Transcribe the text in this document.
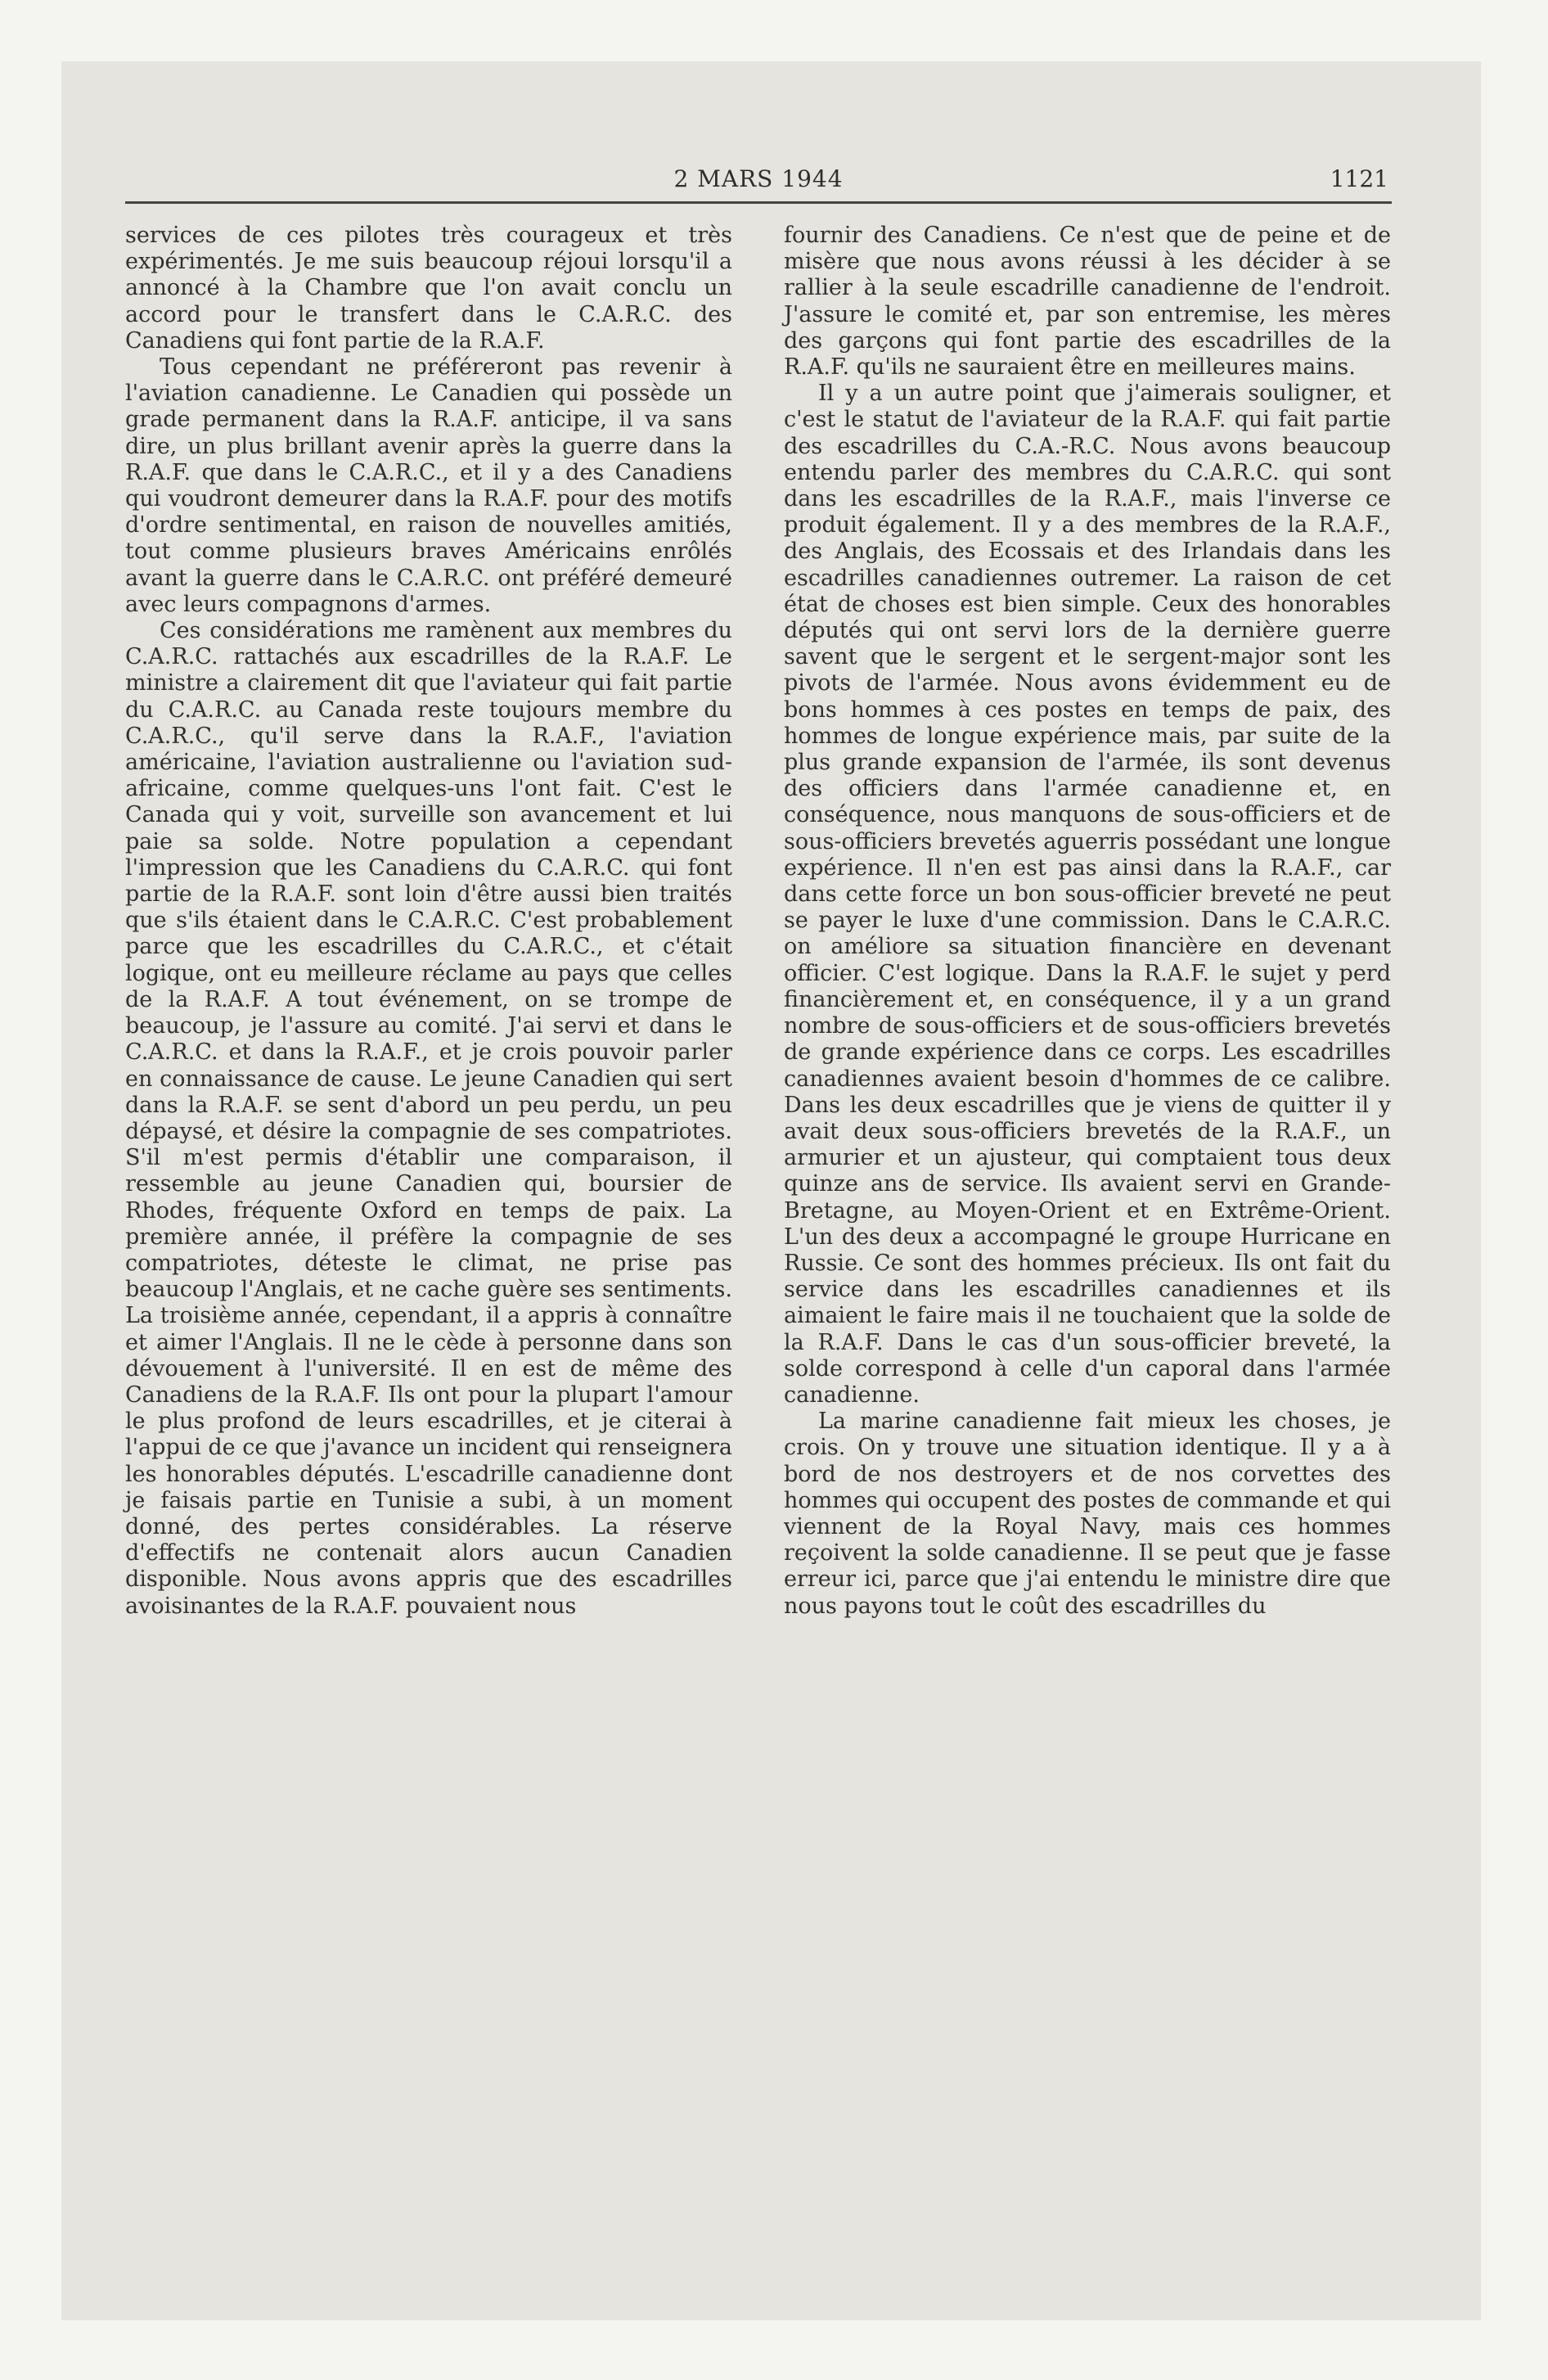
2 MARS 1944	1121

services de ces pilotes très courageux et très expérimentés. Je me suis beaucoup réjoui lorsqu'il a annoncé à la Chambre que l'on avait conclu un accord pour le transfert dans le C.A.R.C. des Canadiens qui font partie de la R.A.F.

Tous cependant ne préféreront pas revenir à l'aviation canadienne. Le Canadien qui possède un grade permanent dans la R.A.F. anticipe, il va sans dire, un plus brillant avenir après la guerre dans la R.A.F. que dans le C.A.R.C., et il y a des Canadiens qui voudront demeurer dans la R.A.F. pour des motifs d'ordre sentimental, en raison de nouvelles amitiés, tout comme plusieurs braves Américains enrôlés avant la guerre dans le C.A.R.C. ont préféré demeuré avec leurs compagnons d'armes.

Ces considérations me ramènent aux membres du C.A.R.C. rattachés aux escadrilles de la R.A.F. Le ministre a clairement dit que l'aviateur qui fait partie du C.A.R.C. au Canada reste toujours membre du C.A.R.C., qu'il serve dans la R.A.F., l'aviation américaine, l'aviation australienne ou l'aviation sud-africaine, comme quelques-uns l'ont fait. C'est le Canada qui y voit, surveille son avancement et lui paie sa solde. Notre population a cependant l'impression que les Canadiens du C.A.R.C. qui font partie de la R.A.F. sont loin d'être aussi bien traités que s'ils étaient dans le C.A.R.C. C'est probablement parce que les escadrilles du C.A.R.C., et c'était logique, ont eu meilleure réclame au pays que celles de la R.A.F. A tout événement, on se trompe de beaucoup, je l'assure au comité. J'ai servi et dans le C.A.R.C. et dans la R.A.F., et je crois pouvoir parler en connaissance de cause. Le jeune Canadien qui sert dans la R.A.F. se sent d'abord un peu perdu, un peu dépaysé, et désire la compagnie de ses compatriotes. S'il m'est permis d'établir une comparaison, il ressemble au jeune Canadien qui, boursier de Rhodes, fréquente Oxford en temps de paix. La première année, il préfère la compagnie de ses compatriotes, déteste le climat, ne prise pas beaucoup l'Anglais, et ne cache guère ses sentiments. La troisième année, cependant, il a appris à connaître et aimer l'Anglais. Il ne le cède à personne dans son dévouement à l'université. Il en est de même des Canadiens de la R.A.F. Ils ont pour la plupart l'amour le plus profond de leurs escadrilles, et je citerai à l'appui de ce que j'avance un incident qui renseignera les honorables députés. L'escadrille canadienne dont je faisais partie en Tunisie a subi, à un moment donné, des pertes considérables. La réserve d'effectifs ne contenait alors aucun Canadien disponible. Nous avons appris que des escadrilles avoisinantes de la R.A.F. pouvaient nous

fournir des Canadiens. Ce n'est que de peine et de misère que nous avons réussi à les décider à se rallier à la seule escadrille canadienne de l'endroit. J'assure le comité et, par son entremise, les mères des garçons qui font partie des escadrilles de la R.A.F. qu'ils ne sauraient être en meilleures mains.

Il y a un autre point que j'aimerais souligner, et c'est le statut de l'aviateur de la R.A.F. qui fait partie des escadrilles du C.A.-R.C. Nous avons beaucoup entendu parler des membres du C.A.R.C. qui sont dans les escadrilles de la R.A.F., mais l'inverse ce produit également. Il y a des membres de la R.A.F., des Anglais, des Ecossais et des Irlandais dans les escadrilles canadiennes outremer. La raison de cet état de choses est bien simple. Ceux des honorables députés qui ont servi lors de la dernière guerre savent que le sergent et le sergent-major sont les pivots de l'armée. Nous avons évidemment eu de bons hommes à ces postes en temps de paix, des hommes de longue expérience mais, par suite de la plus grande expansion de l'armée, ils sont devenus des officiers dans l'armée canadienne et, en conséquence, nous manquons de sous-officiers et de sous-officiers brevetés aguerris possédant une longue expérience. Il n'en est pas ainsi dans la R.A.F., car dans cette force un bon sous-officier breveté ne peut se payer le luxe d'une commission. Dans le C.A.R.C. on améliore sa situation financière en devenant officier. C'est logique. Dans la R.A.F. le sujet y perd financièrement et, en conséquence, il y a un grand nombre de sous-officiers et de sous-officiers brevetés de grande expérience dans ce corps. Les escadrilles canadiennes avaient besoin d'hommes de ce calibre. Dans les deux escadrilles que je viens de quitter il y avait deux sous-officiers brevetés de la R.A.F., un armurier et un ajusteur, qui comptaient tous deux quinze ans de service. Ils avaient servi en Grande-Bretagne, au Moyen-Orient et en Extrême-Orient. L'un des deux a accompagné le groupe Hurricane en Russie. Ce sont des hommes précieux. Ils ont fait du service dans les escadrilles canadiennes et ils aimaient le faire mais il ne touchaient que la solde de la R.A.F. Dans le cas d'un sous-officier breveté, la solde correspond à celle d'un caporal dans l'armée canadienne.

La marine canadienne fait mieux les choses, je crois. On y trouve une situation identique. Il y a à bord de nos destroyers et de nos corvettes des hommes qui occupent des postes de commande et qui viennent de la Royal Navy, mais ces hommes reçoivent la solde canadienne. Il se peut que je fasse erreur ici, parce que j'ai entendu le ministre dire que nous payons tout le coût des escadrilles du
